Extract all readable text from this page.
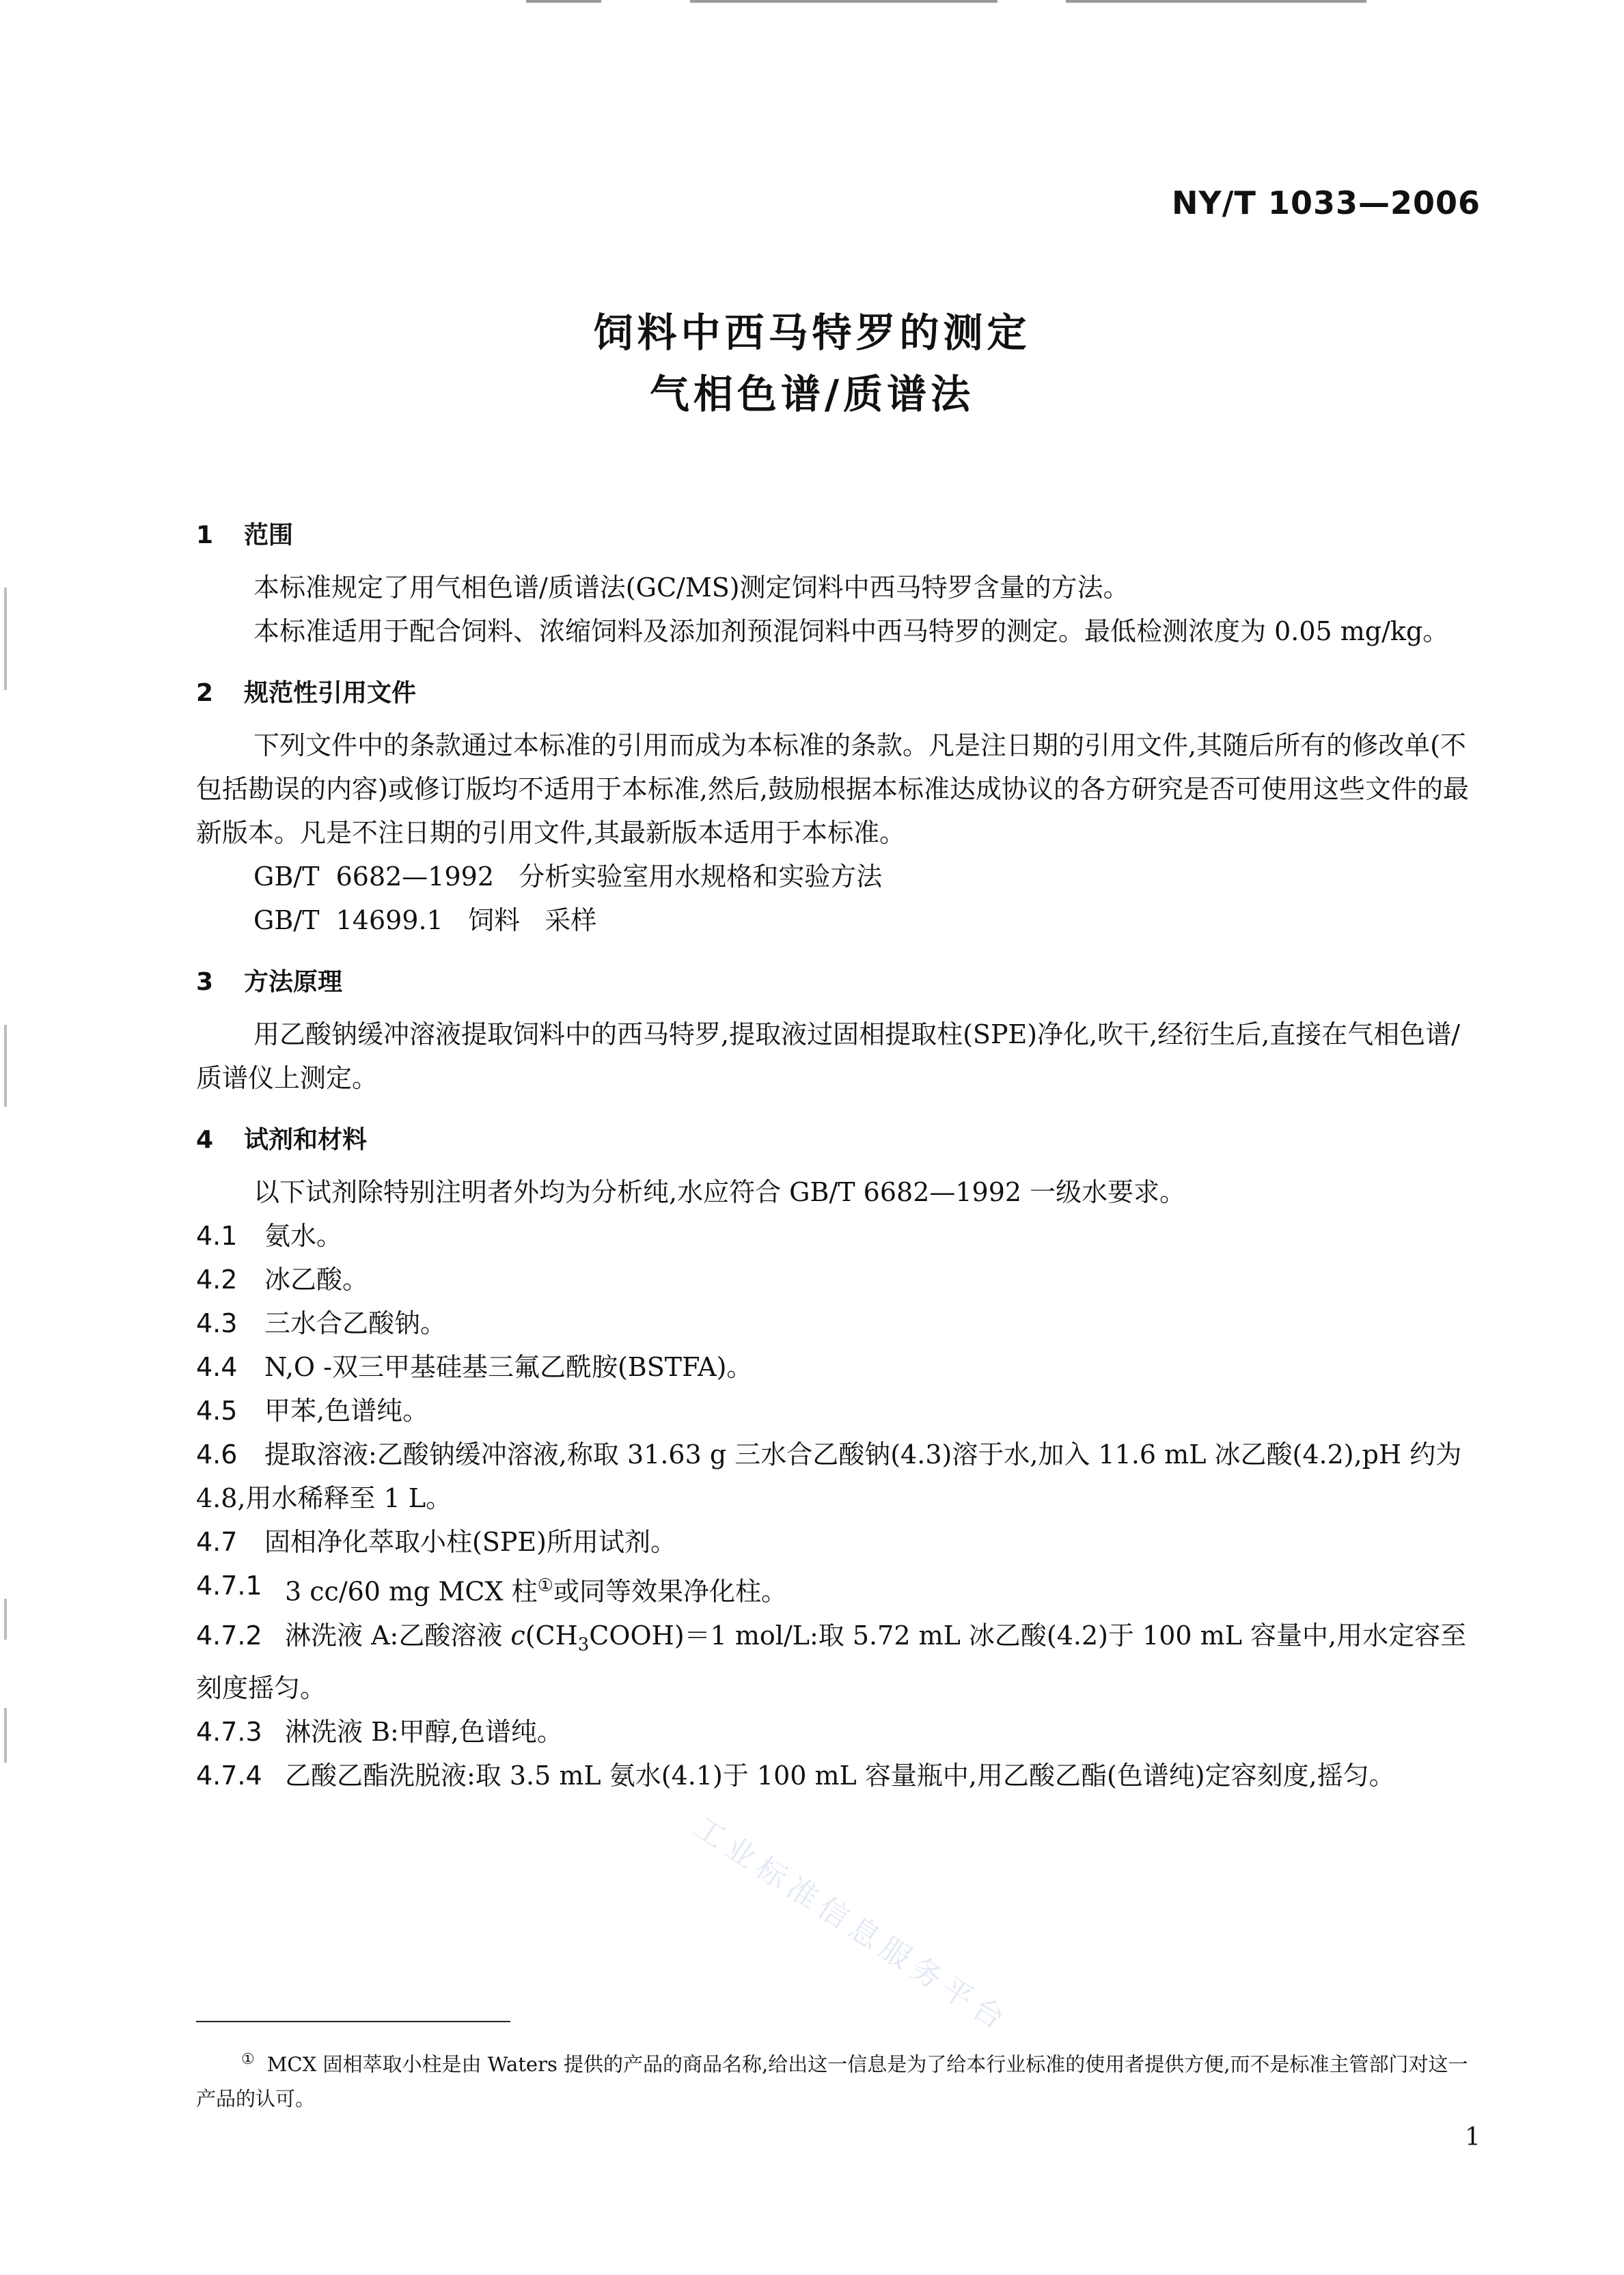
NY/T 1033—2006
饲料中西马特罗的测定
气相色谱/质谱法
1	范围

本标准规定了用气相色谱/质谱法(GC/MS)测定饲料中西马特罗含量的方法。

本标准适用于配合饲料、浓缩饲料及添加剂预混饲料中西马特罗的测定。最低检测浓度为 0.05 mg/kg。

2	规范性引用文件

下列文件中的条款通过本标准的引用而成为本标准的条款。凡是注日期的引用文件,其随后所有的修改单(不包括勘误的内容)或修订版均不适用于本标准,然后,鼓励根据本标准达成协议的各方研究是否可使用这些文件的最新版本。凡是不注日期的引用文件,其最新版本适用于本标准。

GB/T  6682—1992   分析实验室用水规格和实验方法

GB/T  14699.1   饲料   采样

3	方法原理

用乙酸钠缓冲溶液提取饲料中的西马特罗,提取液过固相提取柱(SPE)净化,吹干,经衍生后,直接在气相色谱/质谱仪上测定。

4	试剂和材料

以下试剂除特别注明者外均为分析纯,水应符合 GB/T 6682—1992 一级水要求。

4.1	氨水。

4.2	冰乙酸。

4.3	三水合乙酸钠。

4.4	N,O -双三甲基硅基三氟乙酰胺(BSTFA)。

4.5	甲苯,色谱纯。

4.6 提取溶液:乙酸钠缓冲溶液,称取 31.63 g 三水合乙酸钠(4.3)溶于水,加入 11.6 mL 冰乙酸(4.2),pH 约为 4.8,用水稀释至 1 L。

4.7	固相净化萃取小柱(SPE)所用试剂。

4.7.1 3 cc/60 mg MCX 柱①或同等效果净化柱。

4.7.2 淋洗液 A:乙酸溶液 $c(CH_3COOH)=1$ mol/L:取 5.72 mL 冰乙酸(4.2)于 100 mL 容量中,用水定容至刻度摇匀。

4.7.3 淋洗液 B:甲醇,色谱纯。

4.7.4 乙酸乙酯洗脱液:取 3.5 mL 氨水(4.1)于 100 mL 容量瓶中,用乙酸乙酯(色谱纯)定容刻度,摇匀。

工业标准信息服务平台
① MCX 固相萃取小柱是由 Waters 提供的产品的商品名称,给出这一信息是为了给本行业标准的使用者提供方便,而不是标准主管部门对这一产品的认可。
1
